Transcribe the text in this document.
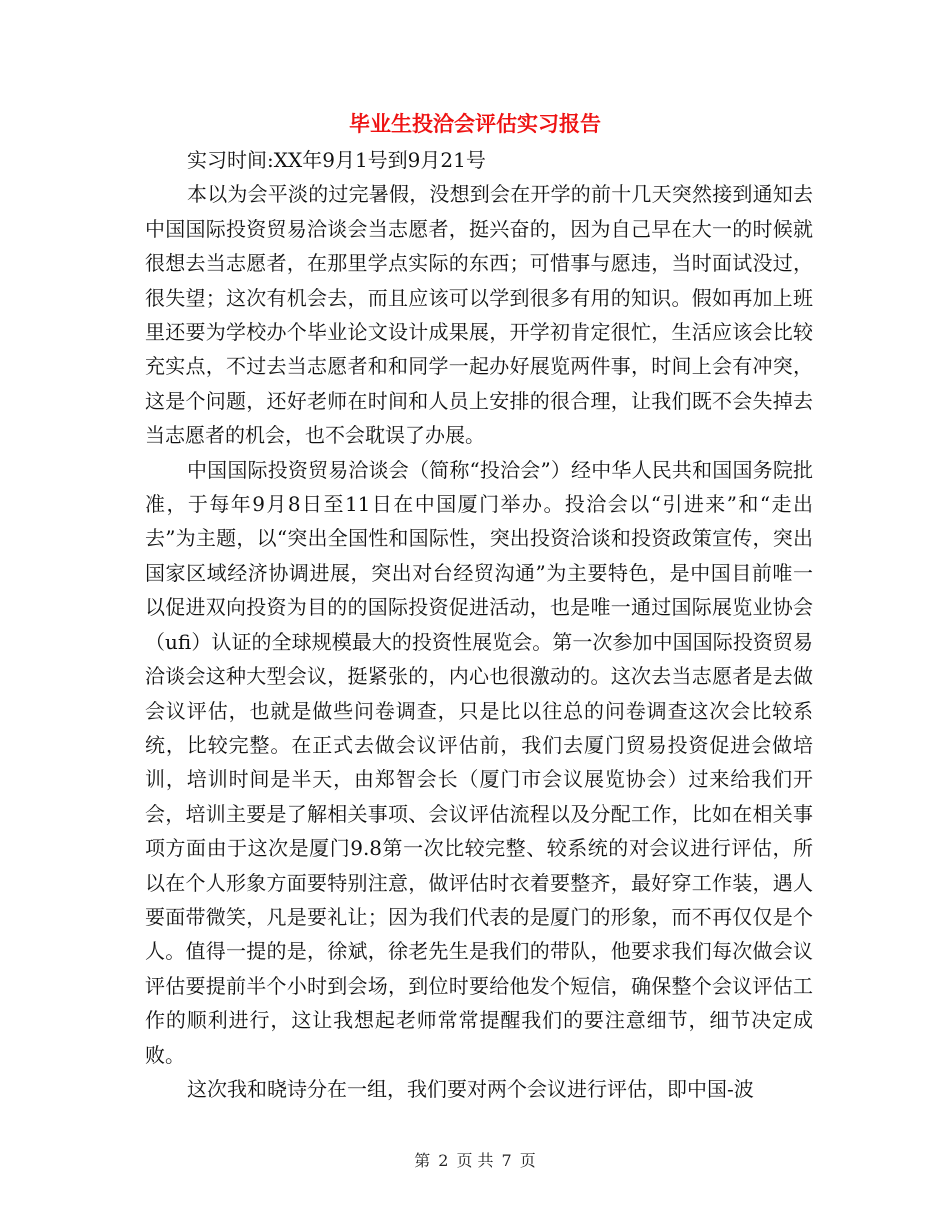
毕业生投洽会评估实习报告

实习时间:XX年9月1号到9月21号

本以为会平淡的过完暑假，没想到会在开学的前十几天突然接到通知去中国国际投资贸易洽谈会当志愿者，挺兴奋的，因为自己早在大一的时候就很想去当志愿者，在那里学点实际的东西；可惜事与愿违，当时面试没过，很失望；这次有机会去，而且应该可以学到很多有用的知识。假如再加上班里还要为学校办个毕业论文设计成果展，开学初肯定很忙，生活应该会比较充实点，不过去当志愿者和和同学一起办好展览两件事，时间上会有冲突，这是个问题，还好老师在时间和人员上安排的很合理，让我们既不会失掉去当志愿者的机会，也不会耽误了办展。

中国国际投资贸易洽谈会（简称“投洽会”）经中华人民共和国国务院批准，于每年9月8日至11日在中国厦门举办。投洽会以“引进来”和“走出去”为主题，以“突出全国性和国际性，突出投资洽谈和投资政策宣传，突出国家区域经济协调进展，突出对台经贸沟通”为主要特色，是中国目前唯一以促进双向投资为目的的国际投资促进活动，也是唯一通过国际展览业协会（ufi）认证的全球规模最大的投资性展览会。第一次参加中国国际投资贸易洽谈会这种大型会议，挺紧张的，内心也很激动的。这次去当志愿者是去做会议评估，也就是做些问卷调查，只是比以往总的问卷调查这次会比较系统，比较完整。在正式去做会议评估前，我们去厦门贸易投资促进会做培训，培训时间是半天，由郑智会长（厦门市会议展览协会）过来给我们开会，培训主要是了解相关事项、会议评估流程以及分配工作，比如在相关事项方面由于这次是厦门9.8第一次比较完整、较系统的对会议进行评估，所以在个人形象方面要特别注意，做评估时衣着要整齐，最好穿工作装，遇人要面带微笑，凡是要礼让；因为我们代表的是厦门的形象，而不再仅仅是个人。值得一提的是，徐斌，徐老先生是我们的带队，他要求我们每次做会议评估要提前半个小时到会场，到位时要给他发个短信，确保整个会议评估工作的顺利进行，这让我想起老师常常提醒我们的要注意细节，细节决定成败。

这次我和晓诗分在一组，我们要对两个会议进行评估，即中国-波

第 2 页 共 7 页
